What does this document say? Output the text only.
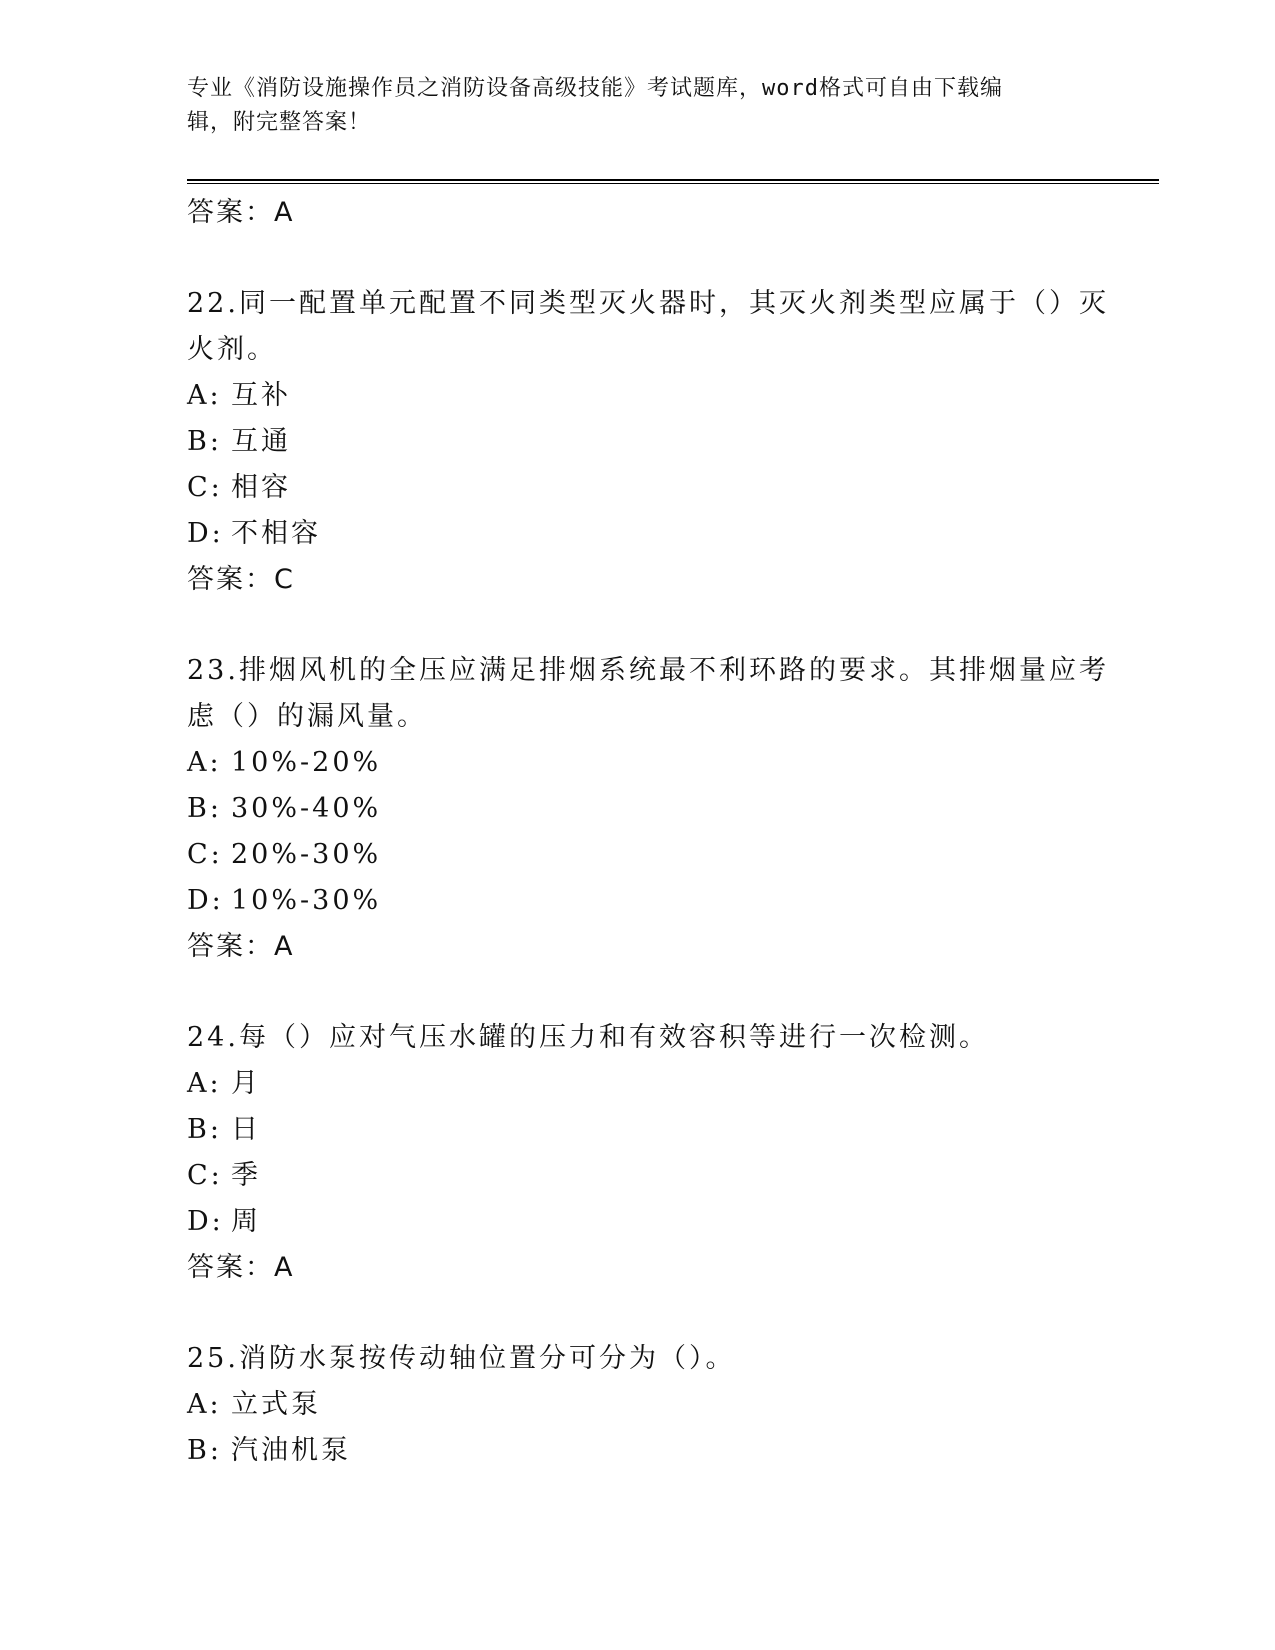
专业《消防设施操作员之消防设备高级技能》考试题库，word格式可自由下载编
辑，附完整答案！
答案：A
22.同一配置单元配置不同类型灭火器时，其灭火剂类型应属于（）灭
火剂。
A: 互补
B: 互通
C: 相容
D: 不相容
答案：C
23.排烟风机的全压应满足排烟系统最不利环路的要求。其排烟量应考
虑（）的漏风量。
A: 10%-20%
B: 30%-40%
C: 20%-30%
D: 10%-30%
答案：A
24.每（）应对气压水罐的压力和有效容积等进行一次检测。
A: 月
B: 日
C: 季
D: 周
答案：A
25.消防水泵按传动轴位置分可分为（）。
A: 立式泵
B: 汽油机泵
